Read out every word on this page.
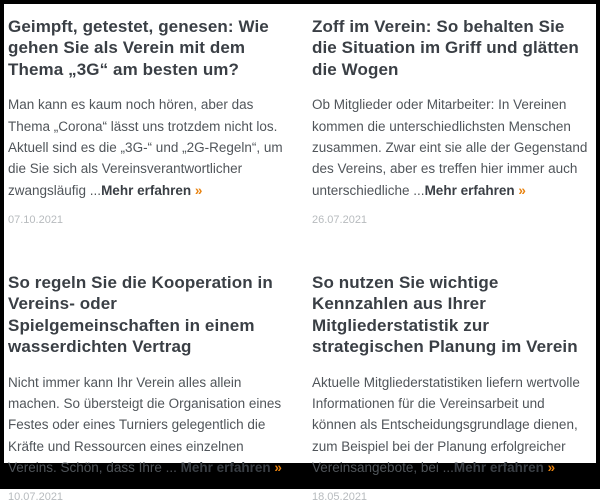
Geimpft, getestet, genesen: Wie gehen Sie als Verein mit dem Thema „3G“ am besten um?

Man kann es kaum noch hören, aber das Thema „Corona“ lässt uns trotzdem nicht los. Aktuell sind es die „3G-“ und „2G-Regeln“, um die Sie sich als Vereinsverantwortlicher zwangsläufig ...Mehr erfahren »

07.10.2021
Zoff im Verein: So behalten Sie die Situation im Griff und glätten die Wogen

Ob Mitglieder oder Mitarbeiter: In Vereinen kommen die unterschiedlichsten Menschen zusammen. Zwar eint sie alle der Gegenstand des Vereins, aber es treffen hier immer auch unterschiedliche ...Mehr erfahren »

26.07.2021
So regeln Sie die Kooperation in Vereins- oder Spielgemeinschaften in einem wasserdichten Vertrag

Nicht immer kann Ihr Verein alles allein machen. So übersteigt die Organisation eines Festes oder eines Turniers gelegentlich die Kräfte und Ressourcen eines einzelnen Vereins. Schön, dass Ihre ... Mehr erfahren »

10.07.2021
So nutzen Sie wichtige Kennzahlen aus Ihrer Mitgliederstatistik zur strategischen Planung im Verein

Aktuelle Mitgliederstatistiken liefern wertvolle Informationen für die Vereinsarbeit und können als Entscheidungsgrundlage dienen, zum Beispiel bei der Planung erfolgreicher Vereinsangebote, bei ...Mehr erfahren »

18.05.2021
